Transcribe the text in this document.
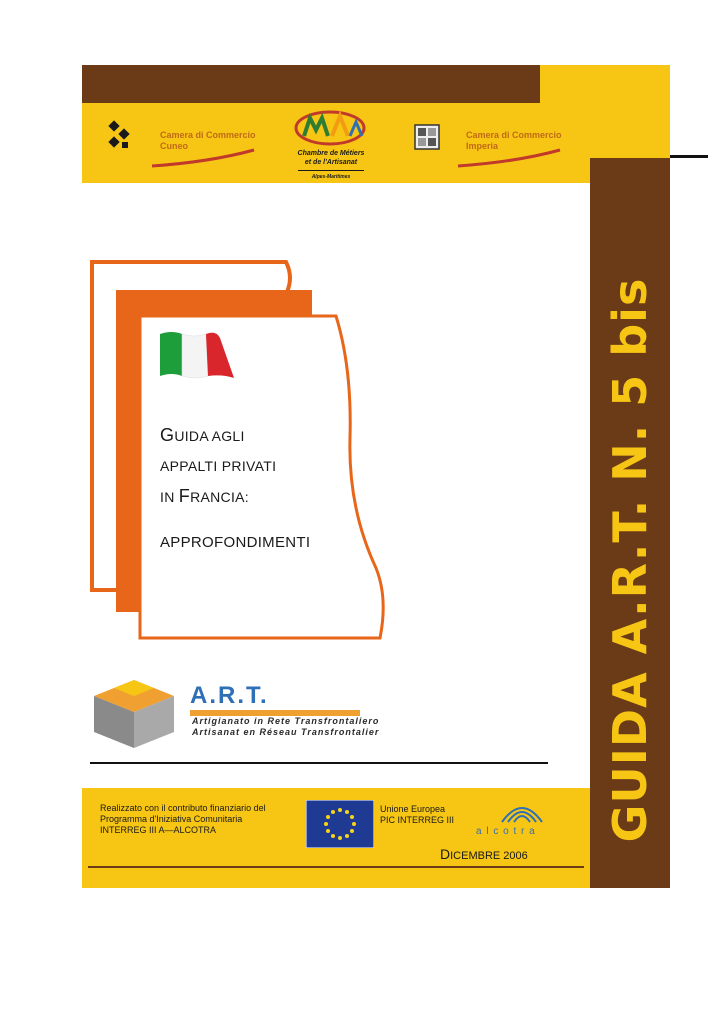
Camera di Commercio
Cuneo
Chambre de Métiers
et de l'Artisanat
Alpes-Maritimes
Camera di Commercio
Imperia
GUIDA A.R.T. N. 5 bis
GUIDA AGLI
APPALTI PRIVATI
IN FRANCIA:
APPROFONDIMENTI
A.R.T.
Artigianato in Rete Transfrontaliero
Artisanat en Réseau Transfrontalier
Realizzato con il contributo finanziario del
Programma d'Iniziativa Comunitaria
INTERREG III A—ALCOTRA
Unione Europea
PIC INTERREG III
a l c o t r a
DICEMBRE 2006
